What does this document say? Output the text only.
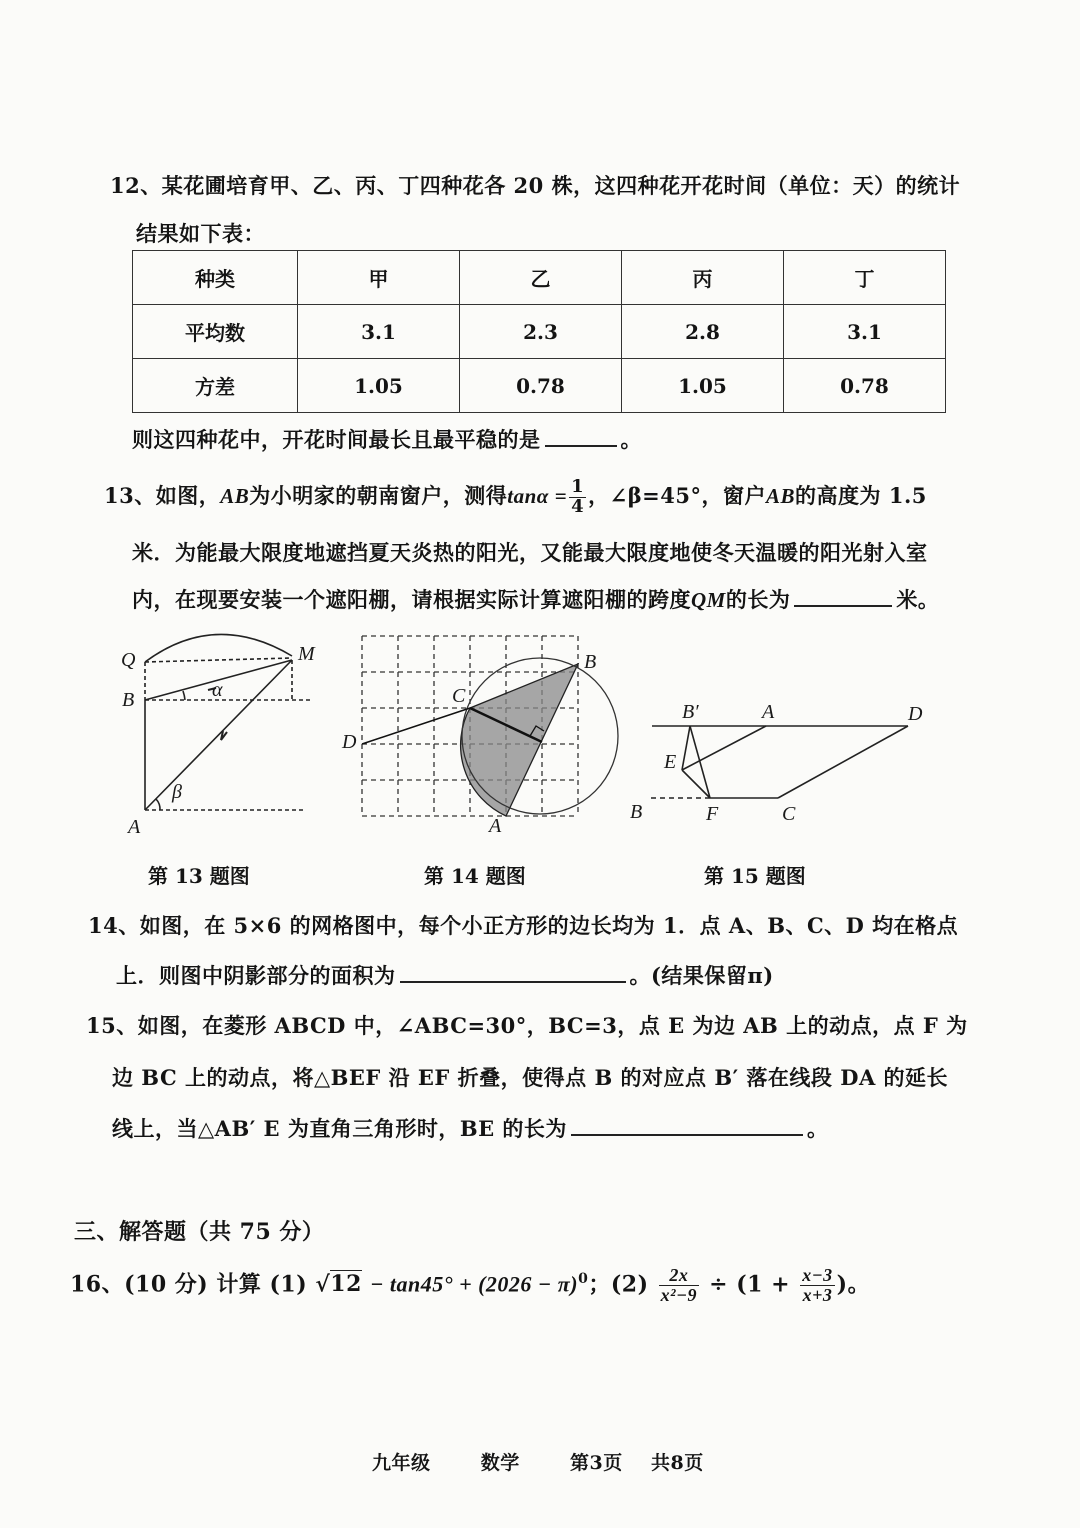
12、某花圃培育甲、乙、丙、丁四种花各 20 株，这四种花开花时间（单位：天）的统计
结果如下表：
种类	甲	乙	丙	丁
平均数	3.1	2.3	2.8	3.1
方差	1.05	0.78	1.05	0.78
则这四种花中，开花时间最长且最平稳的是	。
13、如图，AB为小明家的朝南窗户，测得$\tan\alpha = \frac{1}{4}$ ，∠β=45°，窗户AB的高度为 1.5
米．为能最大限度地遮挡夏天炎热的阳光，又能最大限度地使冬天温暖的阳光射入室
内，在现要安装一个遮阳棚，请根据实际计算遮阳棚的跨度QM的长为	米。
Q	M
B
A
α
β
B
C
D
A
B′	A	D
E
B	F	C
第 13 题图	第 14 题图	第 15 题图
14、如图，在 5×6 的网格图中，每个小正方形的边长均为 1．点 A、B、C、D 均在格点
上．则图中阴影部分的面积为	。(结果保留π)
15、如图，在菱形 ABCD 中，∠ABC=30°，BC=3，点 E 为边 AB 上的动点，点 F 为
边 BC 上的动点，将△BEF 沿 EF 折叠，使得点 B 的对应点 B′ 落在线段 DA 的延长
线上，当△AB′ E 为直角三角形时，BE 的长为	。
三、解答题（共 75 分）
16、(10 分) 计算 (1) $√12 - \tan 45^\circ + (2026 - \pi)^0$；$(2) \frac{2x}{\text{x²−9}} \div (1 + \frac{x-3}{x+3}$ )。
九年级	数学	第3页 共8页
